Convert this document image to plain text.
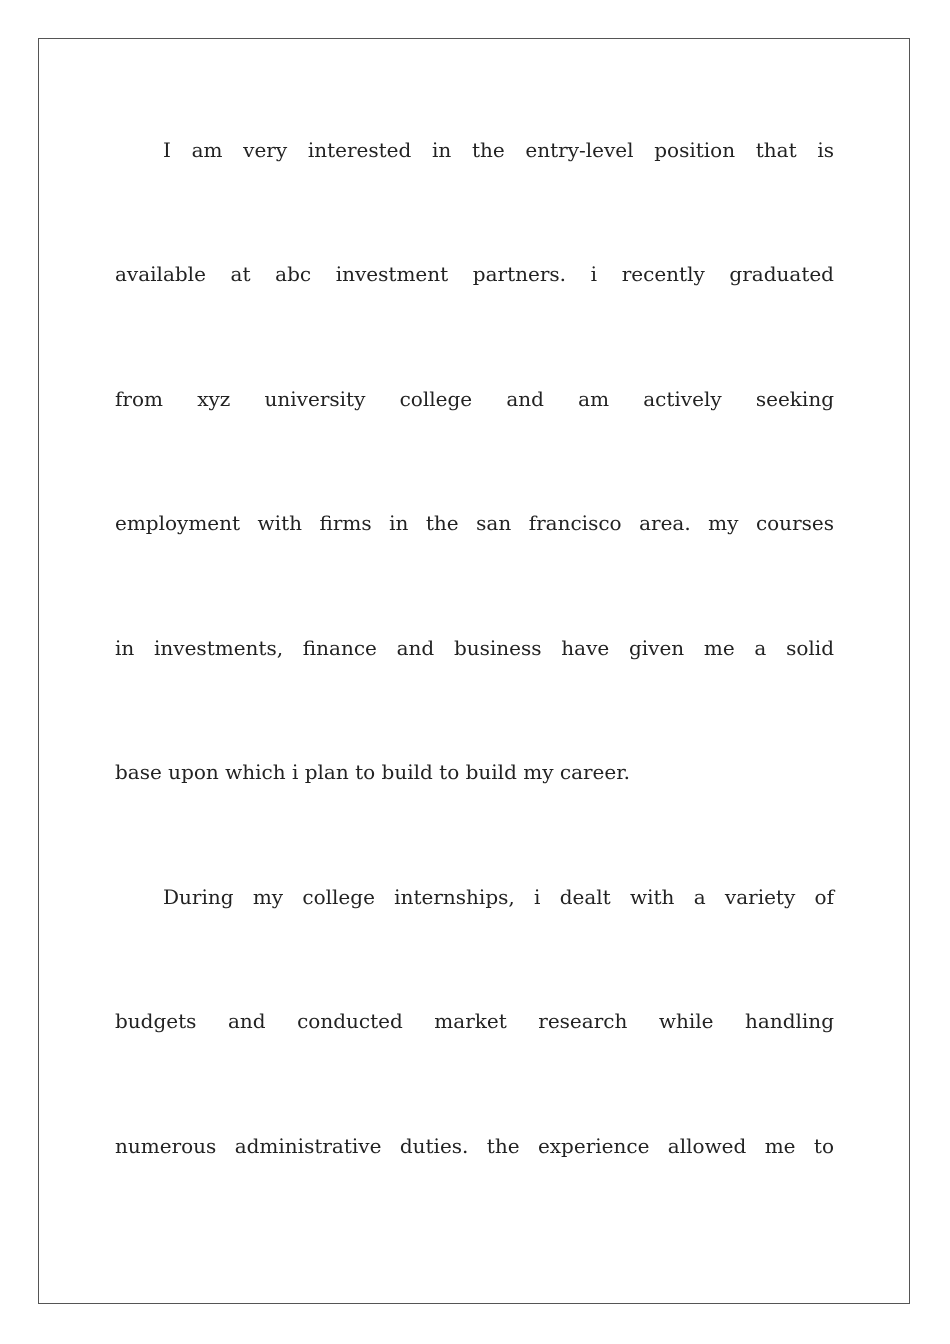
I am very interested in the entry-level position that is
available at abc investment partners. i recently graduated
from xyz university college and am actively seeking
employment with firms in the san francisco area. my courses
in investments, finance and business have given me a solid
base upon which i plan to build to build my career.
During my college internships, i dealt with a variety of
budgets and conducted market research while handling
numerous administrative duties. the experience allowed me to
